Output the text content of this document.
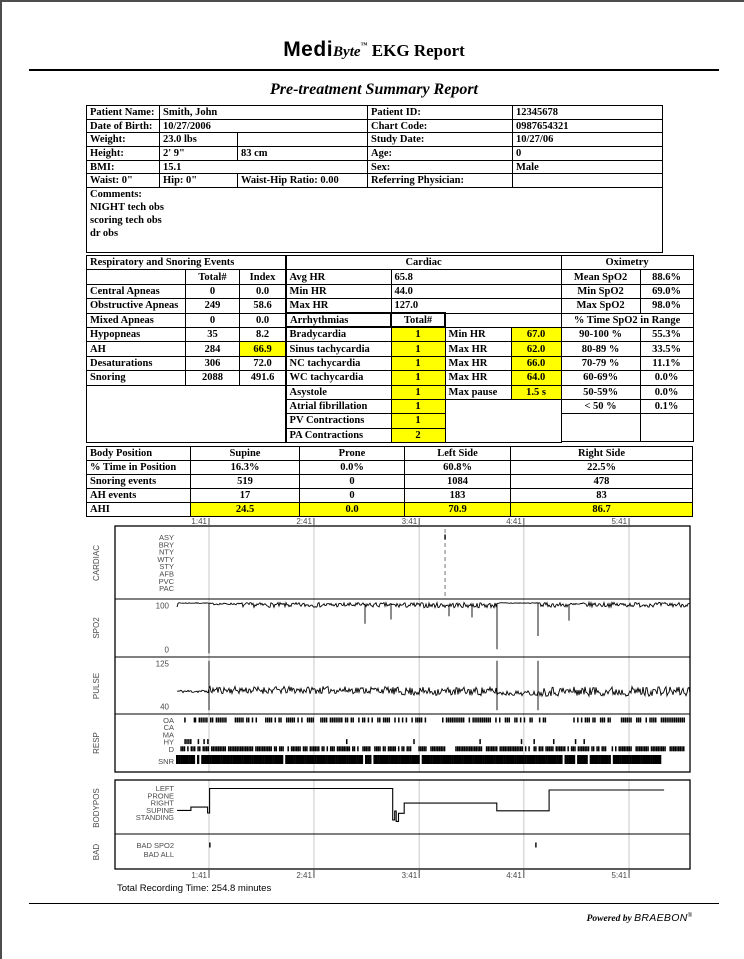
MediByte™ EKG Report
Pre-treatment Summary Report
Patient Name:	Smith, John		Patient ID:	12345678
Date of Birth:	10/27/2006		Chart Code:	0987654321
Weight:	23.0 lbs		Study Date:	10/27/06
Height:	2' 9"	83 cm	Age:	0
BMI:	15.1		Sex:	Male
Waist: 0"	Hip: 0"	Waist-Hip Ratio: 0.00	Referring Physician:	

Comments:
NIGHT tech obs
scoring tech obs
dr obs				
Respiratory and Snoring Events		
	Total#	Index
Central Apneas	0	0.0
Obstructive Apneas	249	58.6
Mixed Apneas	0	0.0
Hypopneas	35	8.2
AH	284	66.9
Desaturations	306	72.0
Snoring	2088	491.6

Cardiac			
Avg HR	65.8		
Min HR	44.0		
Max HR	127.0		
Arrhythmias	Total#		
Bradycardia	1	Min HR	67.0
Sinus tachycardia	1	Max HR	62.0
NC tachycardia	1	Max HR	66.0
WC tachycardia	1	Max HR	64.0
Asystole	1	Max pause	1.5 s
Atrial fibrillation	1		
PV Contractions	1		
PA Contractions	2		
Oximetry	
Mean SpO2	88.6%
Min SpO2	69.0%
Max SpO2	98.0%
% Time SpO2 in Range	
90-100 %	55.3%
80-89 %	33.5%
70-79 %	11.1%
60-69%	0.0%
50-59%	0.0%
< 50 %	0.1%

Body Position	Supine	Prone	Left Side	Right Side	
% Time in Position	16.3%	0.0%	60.8%	22.5%	
Snoring events	519	0	1084	478	
AH events	17	0	183	83	
AHI	24.5	0.0	70.9	86.7	
1:41
1:41
2:41
2:41
3:41
3:41
4:41
4:41
5:41
5:41
CARDIAC
SPO2
PULSE
RESP
BODYPOS
BAD
ASY
BRY
NTY
WTY
STY
AFB
PVC
PAC
100
0
125
40
OA
CA
MA
HY
D
SNR
LEFT
PRONE
RIGHT
SUPINE
STANDING
BAD SPO2
BAD ALL
Total Recording Time: 254.8 minutes
Powered by BRAEBON®
